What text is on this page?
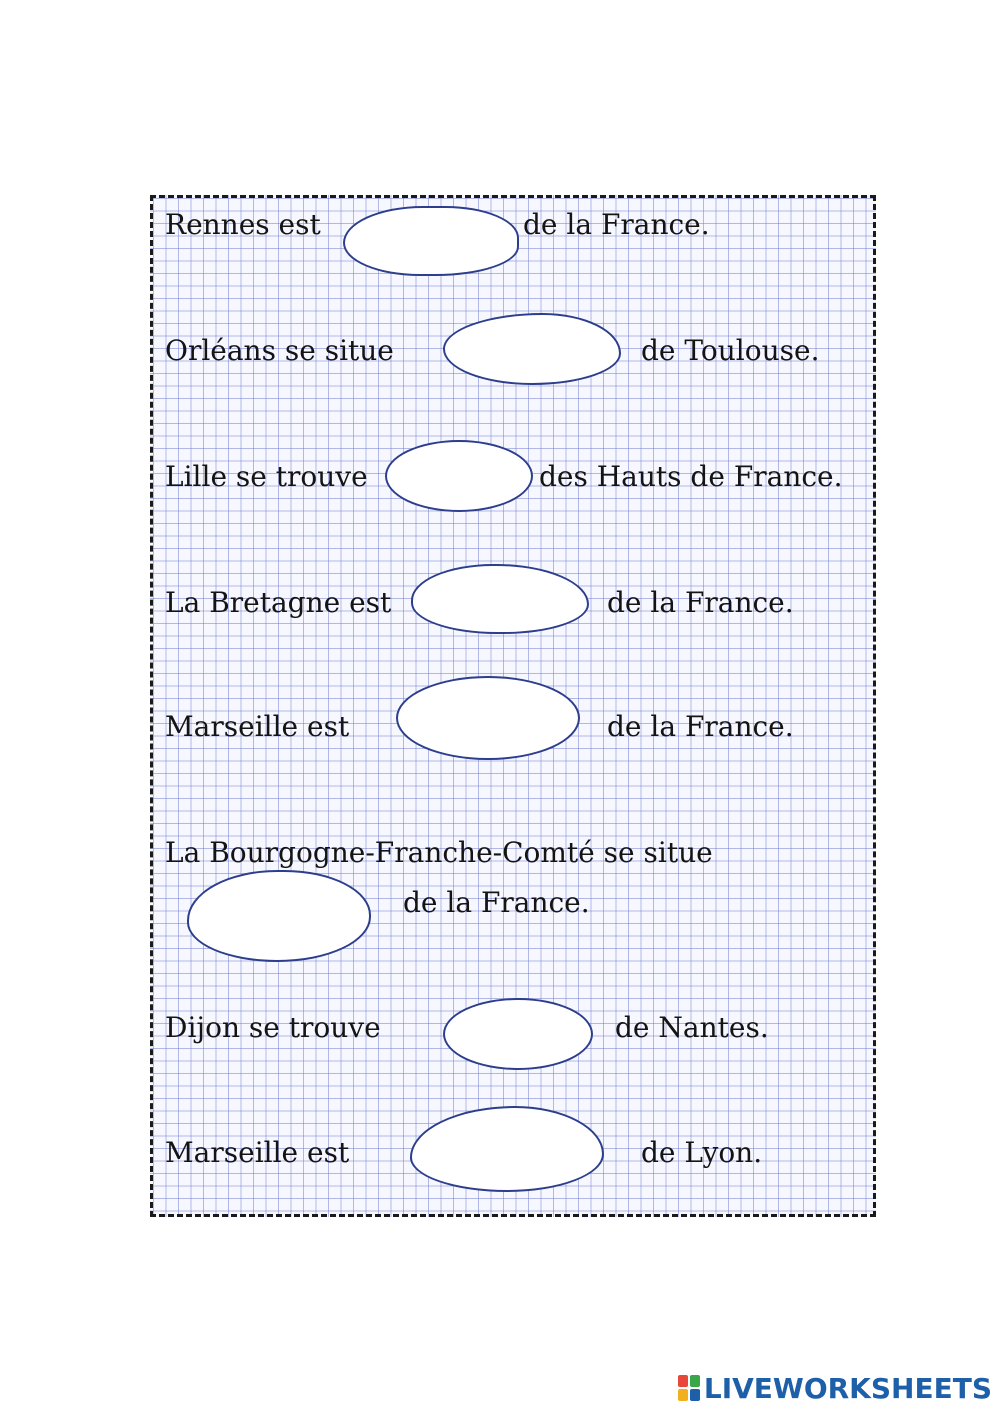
Rennes est	de la France.
Orléans se situe	de Toulouse.
Lille se trouve	des Hauts de France.
La Bretagne est	de la France.
Marseille est	de la France.
La Bourgogne-Franche-Comté se situe
de la France.
Dijon se trouve	de Nantes.
Marseille est	de Lyon.
LIVEWORKSHEETS
